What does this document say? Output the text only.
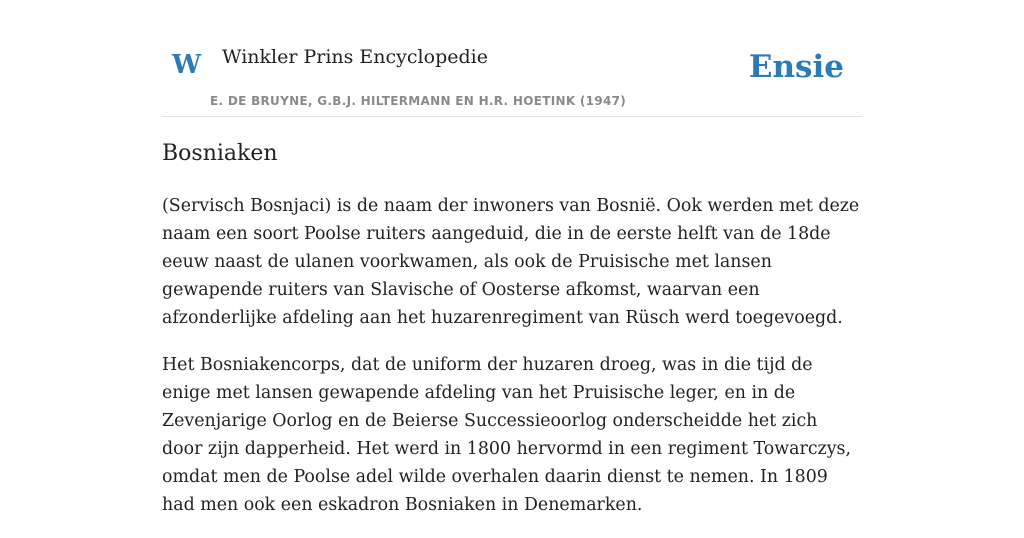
W Winkler Prins Encyclopedie
E. DE BRUYNE, G.B.J. HILTERMANN EN H.R. HOETINK (1947)
Ensie
Bosniaken

(Servisch Bosnjaci) is de naam der inwoners van Bosnië. Ook werden met deze naam een soort Poolse ruiters aangeduid, die in de eerste helft van de 18de eeuw naast de ulanen voorkwamen, als ook de Pruisische met lansen gewapende ruiters van Slavische of Oosterse afkomst, waarvan een afzonderlijke afdeling aan het huzarenregiment van Rüsch werd toegevoegd.

Het Bosniakencorps, dat de uniform der huzaren droeg, was in die tijd de enige met lansen gewapende afdeling van het Pruisische leger, en in de Zevenjarige Oorlog en de Beierse Successieoorlog onderscheidde het zich door zijn dapperheid. Het werd in 1800 hervormd in een regiment Towarczys, omdat men de Poolse adel wilde overhalen daarin dienst te nemen. In 1809 had men ook een eskadron Bosniaken in Denemarken.
